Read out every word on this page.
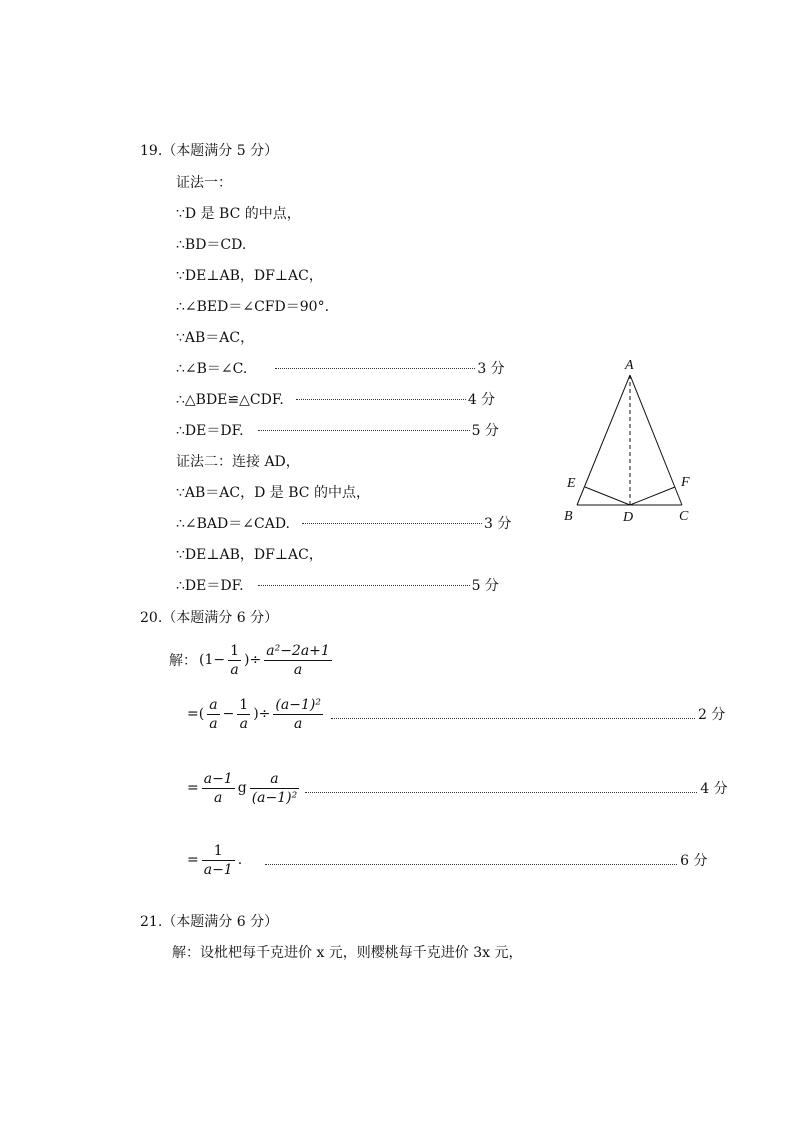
19.（本题满分 5 分）
证法一：
∵D 是 BC 的中点，
∴BD＝CD.
∵DE⊥AB，DF⊥AC，
∴∠BED＝∠CFD＝90°.
∵AB＝AC，
∴∠B＝∠C.	3 分
∴△BDE≌△CDF.	4 分
∴DE＝DF.	5 分
证法二：连接 AD，
∵AB＝AC，D 是 BC 的中点，
∴∠BAD＝∠CAD.	3 分
∵DE⊥AB，DF⊥AC，
∴DE＝DF.	5 分
A
E	F
B	D	C
20.（本题满分 6 分）
解： ($1- \frac{1}{a}$ )÷ $\frac{\text{a²−2a+1}}{a}$
=( $\frac{a}{a} - \frac{1}{a}$ )÷ $\frac{\text{(a−1)²}}{a}$	2 分
= $\frac{a-1}{a}$ g $\frac{a}{\text{(a−1)²}}$	4 分
= $\frac{1}{a-1}$ .	6 分
21.（本题满分 6 分）
解：设枇杷每千克进价 x 元，则樱桃每千克进价 3x 元，
